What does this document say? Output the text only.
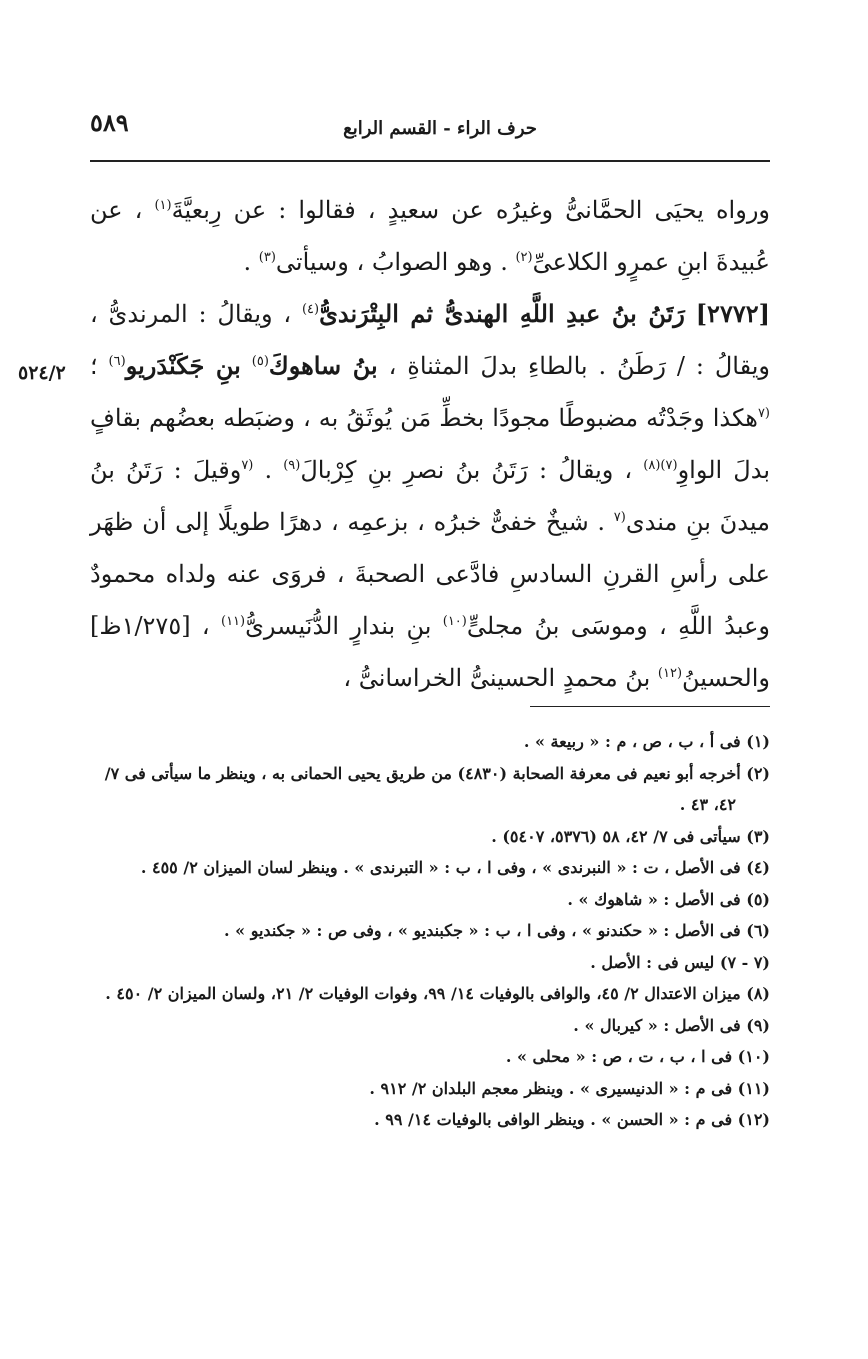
٥٨٩	حرف الراء - القسم الرابع
٥٢٤/٢

ورواه يحيَى الحمَّانىُّ وغيرُه عن سعيدٍ ، فقالوا : عن رِبعيَّةَ$^{(١)}$ ، عن عُبيدةَ ابنِ عمرٍو الكلاعىِّ$^{(٢)}$ . وهو الصوابُ ، وسيأتى$^{(٣)}$ .

[٢٧٧٢] رَتَنُ بنُ عبدِ اللَّهِ الهندىُّ ثم البِتْرَندىُّ$^{(٤)}$ ، ويقالُ : المرندىُّ ، ويقالُ : / رَطَنُ . بالطاءِ بدلَ المثناةِ ، بنُ ساهوكَ$^{(٥)}$ بنِ جَكَنْدَريو$^{(٦)}$ ؛ $^{(٧}$هكذا وجَدْتُه مضبوطًا مجودًا بخطِّ مَن يُوثَقُ به ، وضبَطه بعضُهم بقافٍ بدلَ الواوِ$^{(٧)(٨)}$ ، ويقالُ : رَتَنُ بنُ نصرِ بنِ كِرْبالَ$^{(٩)}$ . $^{(٧}$وقيلَ : رَتَنُ بنُ ميدنَ بنِ مندى$^{(٧}$ . شيخٌ خفىٌّ خبرُه ، بزعمِه ، دهرًا طويلًا إلى أن ظهَر على رأسِ القرنِ السادسِ فادَّعى الصحبةَ ، فروَى عنه ولداه محمودٌ وعبدُ اللَّهِ ، وموسَى بنُ مجلىٍّ$^{(١٠)}$ بنِ بندارٍ الدُّنَيسرىُّ$^{(١١)}$ ، [١/٢٧٥ظ] والحسينُ$^{(١٢)}$ بنُ محمدٍ الحسينىُّ الخراسانىُّ ،

(١) فى أ ، ب ، ص ، م : « ربيعة » .

(٢) أخرجه أبو نعيم فى معرفة الصحابة (٤٨٣٠) من طريق يحيى الحمانى به ، وينظر ما سيأتى فى ٧/ ٤٢، ٤٣ .

(٣) سيأتى فى ٧/ ٤٢، ٥٨ (٥٣٧٦، ٥٤٠٧) .

(٤) فى الأصل ، ت : « النبرندى » ، وفى ا ، ب : « التبرندى » . وينظر لسان الميزان ٢/ ٤٥٥ .

(٥) فى الأصل : « شاهوك » .

(٦) فى الأصل : « حكندنو » ، وفى ا ، ب : « جكبنديو » ، وفى ص : « جكنديو » .

(٧ - ٧) ليس فى : الأصل .

(٨) ميزان الاعتدال ٢/ ٤٥، والوافى بالوفيات ١٤/ ٩٩، وفوات الوفيات ٢/ ٢١، ولسان الميزان ٢/ ٤٥٠ .

(٩) فى الأصل : « كيربال » .

(١٠) فى ا ، ب ، ت ، ص : « محلى » .

(١١) فى م : « الدنيسيرى » . وينظر معجم البلدان ٢/ ٩١٢ .

(١٢) فى م : « الحسن » . وينظر الوافى بالوفيات ١٤/ ٩٩ .
